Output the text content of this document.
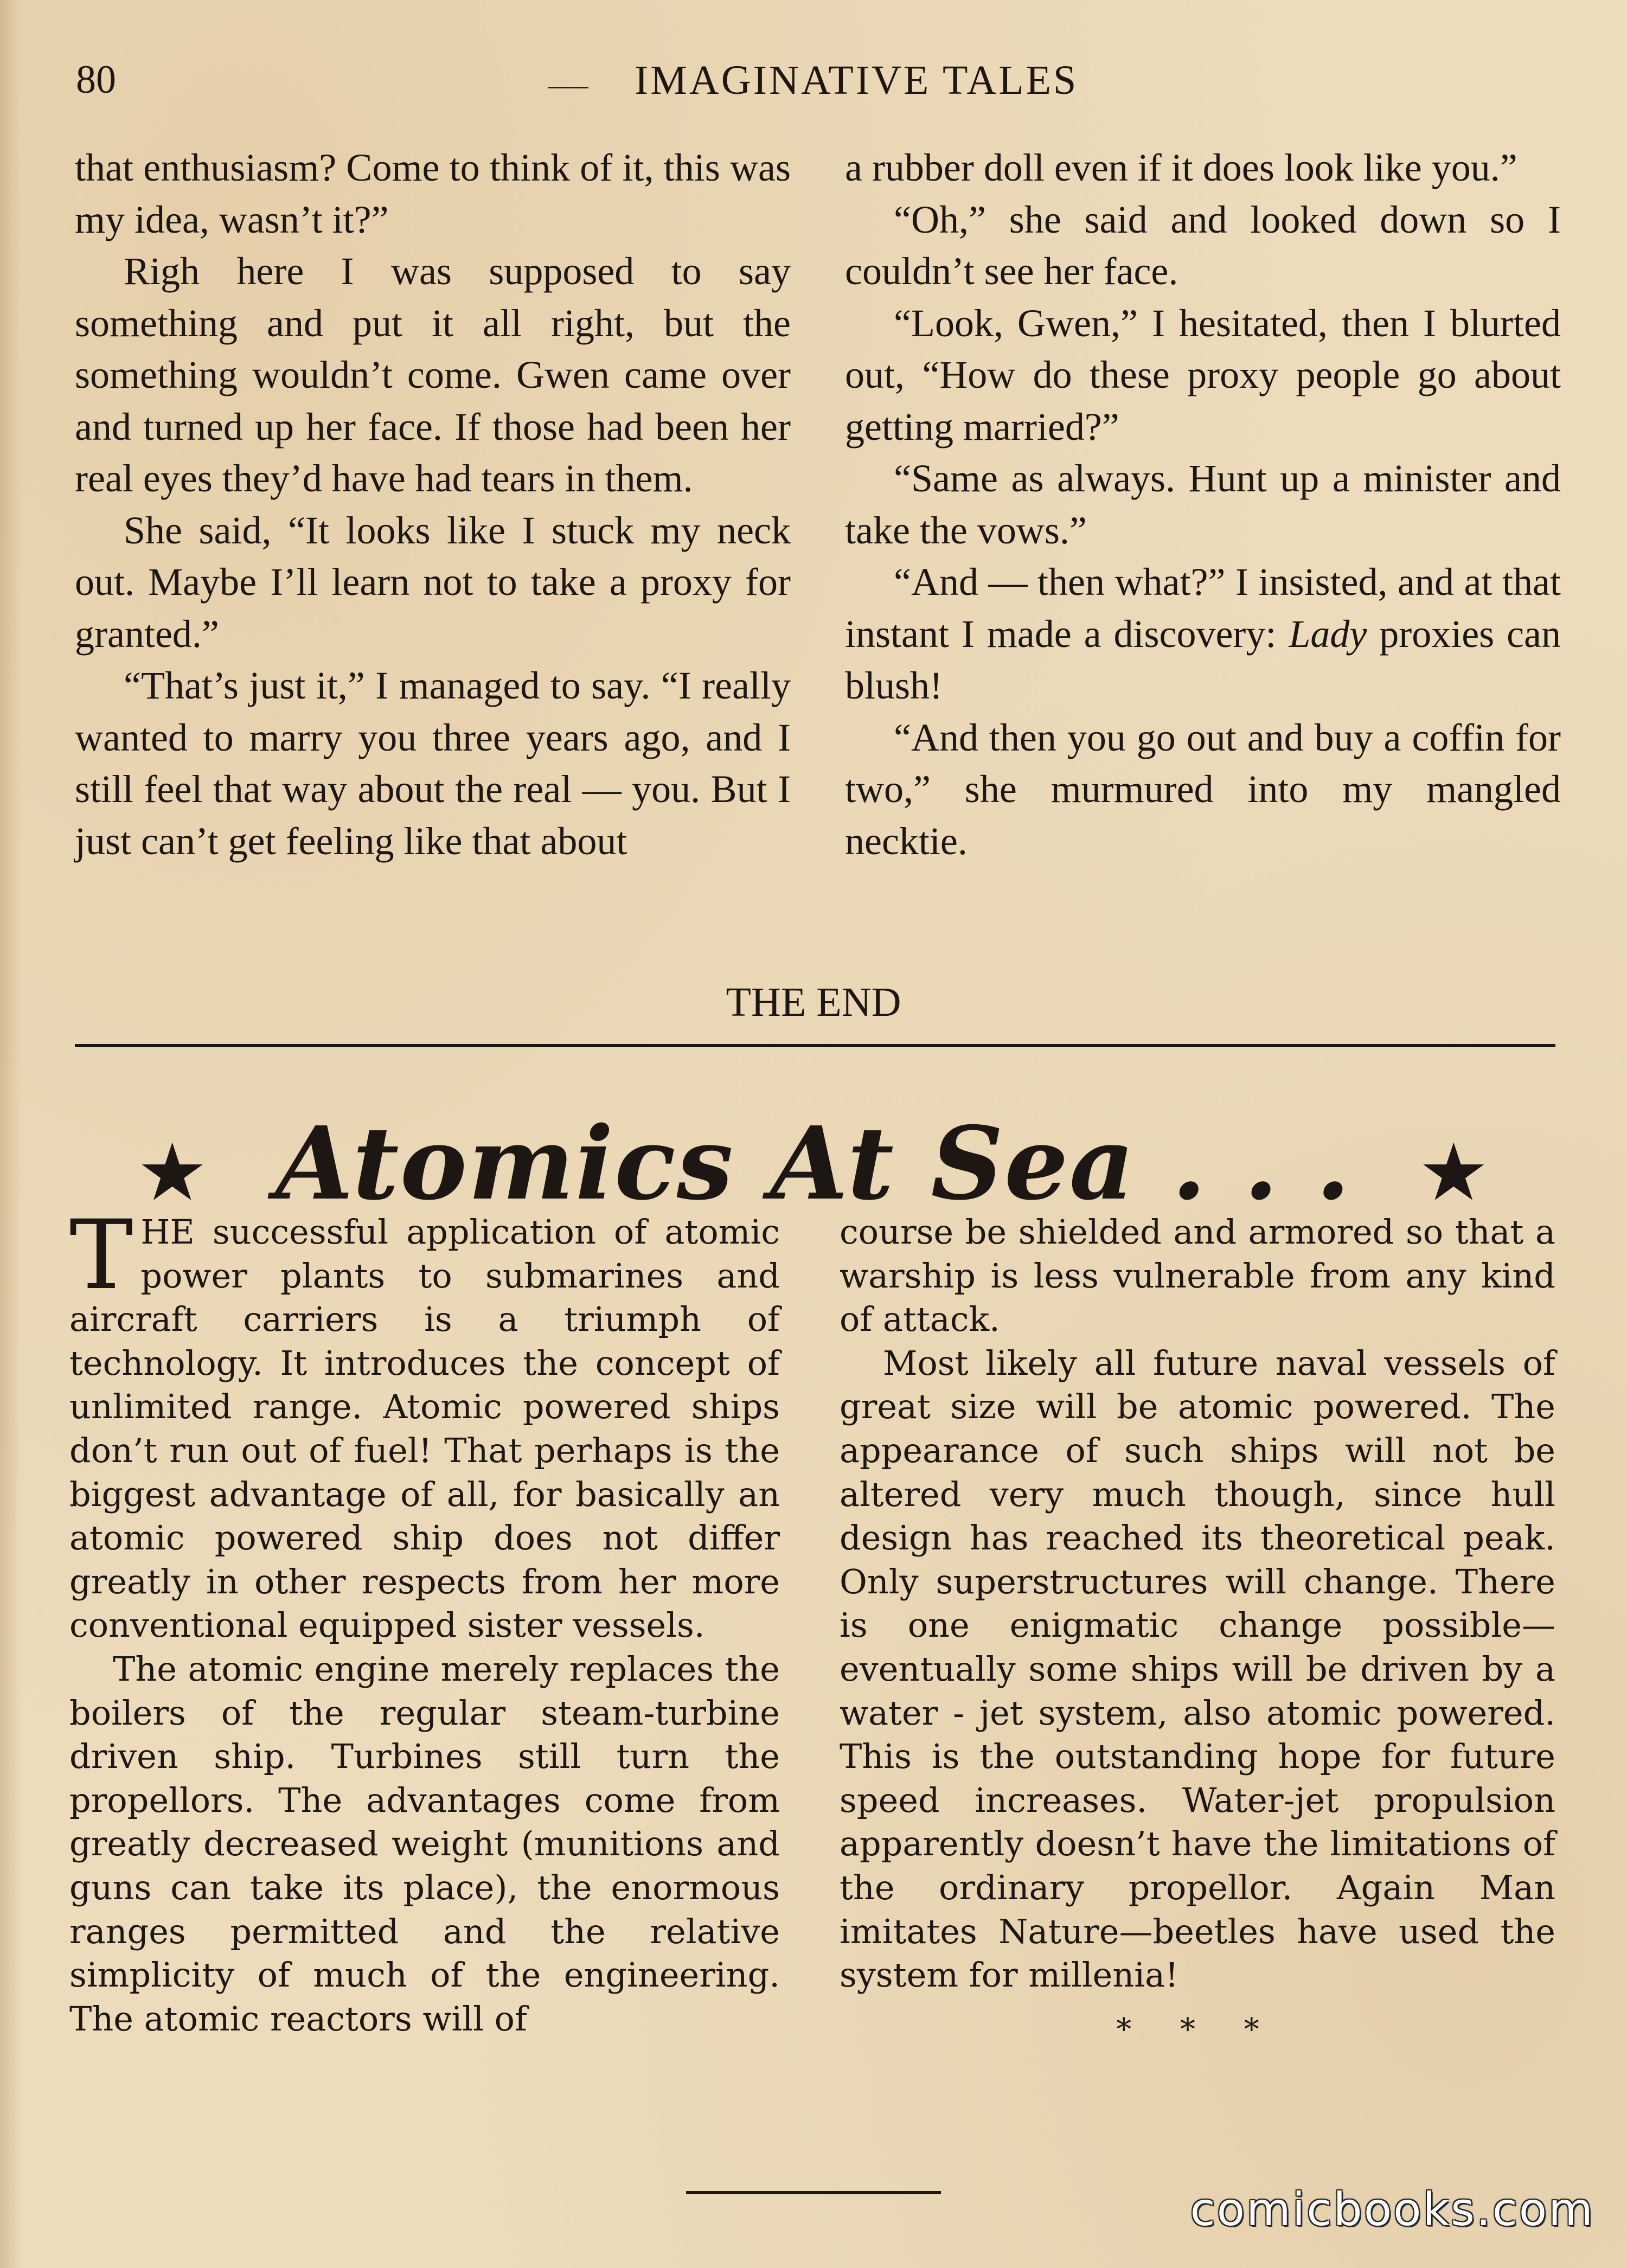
80	IMAGINATIVE TALES

that enthusiasm? Come to think of it, this was my idea, wasn’t it?”

Righ here I was supposed to say something and put it all right, but the something wouldn’t come. Gwen came over and turned up her face. If those had been her real eyes they’d have had tears in them.

She said, “It looks like I stuck my neck out. Maybe I’ll learn not to take a proxy for granted.”

“That’s just it,” I managed to say. “I really wanted to marry you three years ago, and I still feel that way about the real — you. But I just can’t get feeling like that about

a rubber doll even if it does look like you.”

“Oh,” she said and looked down so I couldn’t see her face.

“Look, Gwen,” I hesitated, then I blurted out, “How do these proxy people go about getting married?”

“Same as always. Hunt up a minister and take the vows.”

“And — then what?” I insisted, and at that instant I made a discovery: Lady proxies can blush!

“And then you go out and buy a coffin for two,” she murmured into my mangled necktie.

THE END
★ Atomics At Sea . . . ★

THE successful application of atomic power plants to submarines and aircraft carriers is a triumph of technology. It introduces the concept of unlimited range. Atomic powered ships don’t run out of fuel! That perhaps is the biggest advantage of all, for basically an atomic powered ship does not differ greatly in other respects from her more conventional equipped sister vessels.

The atomic engine merely replaces the boilers of the regular steam-turbine driven ship. Turbines still turn the propellors. The advantages come from greatly decreased weight (munitions and guns can take its place), the enormous ranges permitted and the relative simplicity of much of the engineering. The atomic reactors will of

course be shielded and armored so that a warship is less vulnerable from any kind of attack.

Most likely all future naval vessels of great size will be atomic powered. The appearance of such ships will not be altered very much though, since hull design has reached its theoretical peak. Only superstructures will change. There is one enigmatic change possible—eventually some ships will be driven by a water - jet system, also atomic powered. This is the outstanding hope for future speed increases. Water-jet propulsion apparently doesn’t have the limitations of the ordinary propellor. Again Man imitates Nature—beetles have used the system for millenia!

* * *
comicbooks.com
